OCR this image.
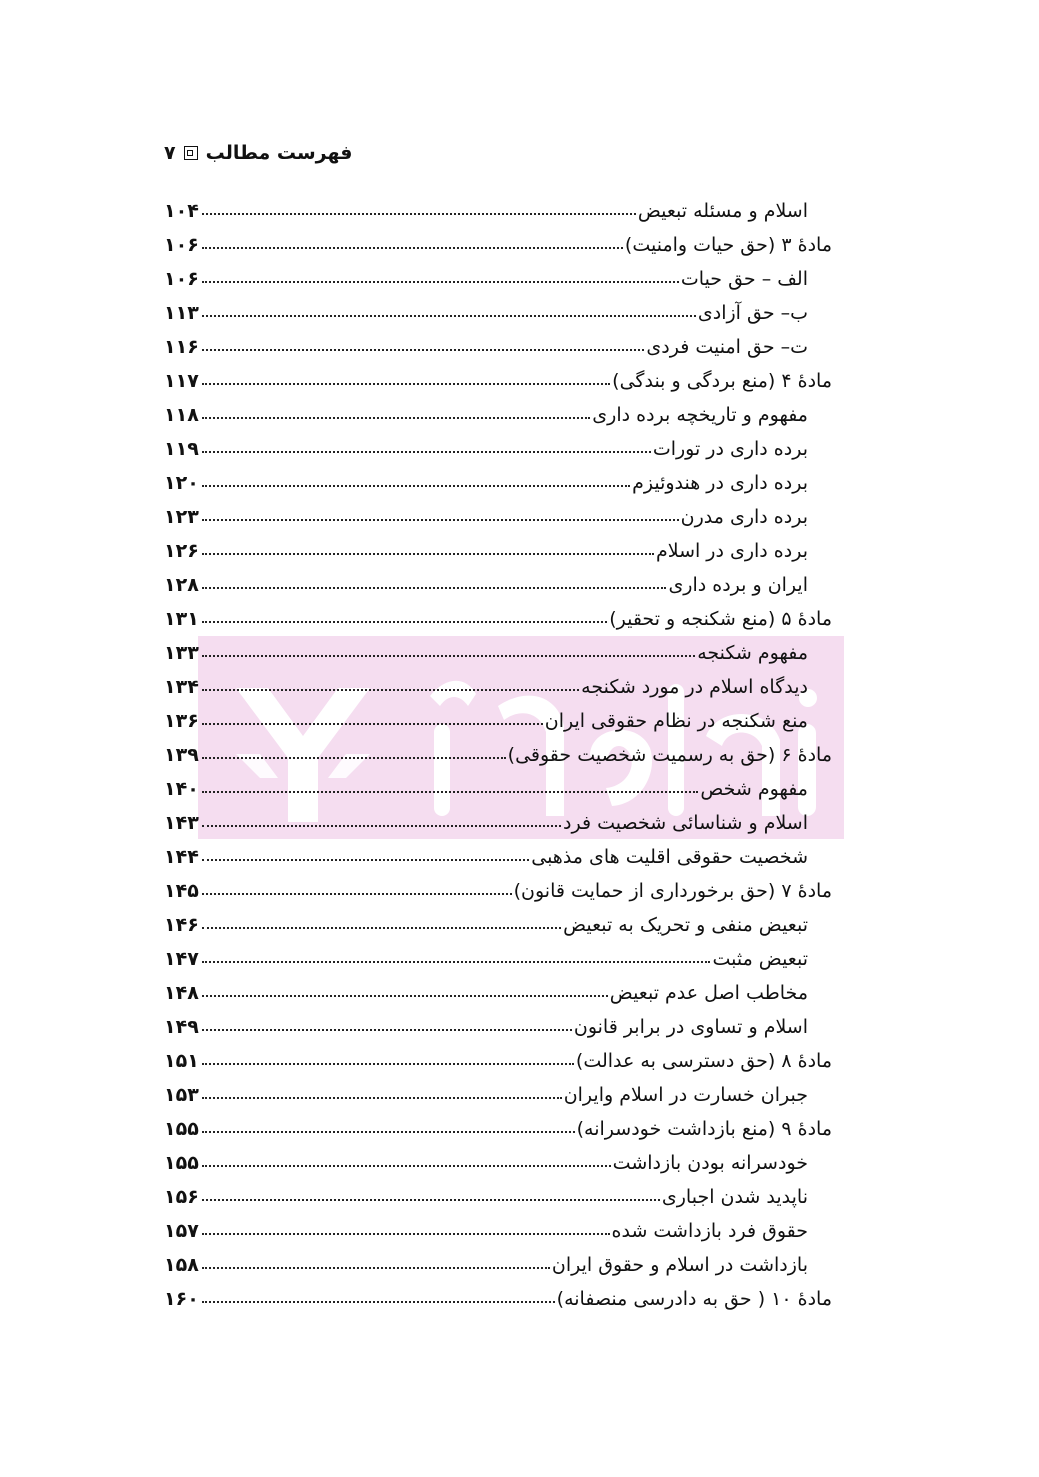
۷ فهرست مطالب
اسلام و مسئله تبعیض
۱۰۴
مادهٔ ۳ (حق حیات وامنیت)
۱۰۶
الف – حق حیات
۱۰۶
ب– حق آزادی
۱۱۳
ت– حق امنیت فردی
۱۱۶
مادهٔ ۴ (منع بردگی و بندگی)
۱۱۷
مفهوم و تاریخچه برده داری
۱۱۸
برده داری در تورات
۱۱۹
برده داری در هندوئیزم
۱۲۰
برده داری مدرن
۱۲۳
برده داری در اسلام
۱۲۶
ایران و برده داری
۱۲۸
مادهٔ ۵ (منع شکنجه و تحقیر)
۱۳۱
مفهوم شکنجه
۱۳۳
دیدگاه اسلام در مورد شکنجه
۱۳۴
منع شکنجه در نظام حقوقی ایران
۱۳۶
مادهٔ ۶ (حق به رسمیت شخصیت حقوقی)
۱۳۹
مفهوم شخص
۱۴۰
اسلام و شناسائی شخصیت فرد
۱۴۳
شخصیت حقوقی اقلیت های مذهبی
۱۴۴
مادهٔ ۷ (حق برخورداری از حمایت قانون)
۱۴۵
تبعیض منفی و تحریک به تبعیض
۱۴۶
تبعیض مثبت
۱۴۷
مخاطب اصل عدم تبعیض
۱۴۸
اسلام و تساوی در برابر قانون
۱۴۹
مادهٔ ۸ (حق دسترسی به عدالت)
۱۵۱
جبران خسارت در اسلام وایران
۱۵۳
مادهٔ ۹ (منع بازداشت خودسرانه)
۱۵۵
خودسرانه بودن بازداشت
۱۵۵
ناپدید شدن اجباری
۱۵۶
حقوق فرد بازداشت شده
۱۵۷
بازداشت در اسلام و حقوق ایران
۱۵۸
مادهٔ ۱۰ ( حق به دادرسی منصفانه)
۱۶۰
